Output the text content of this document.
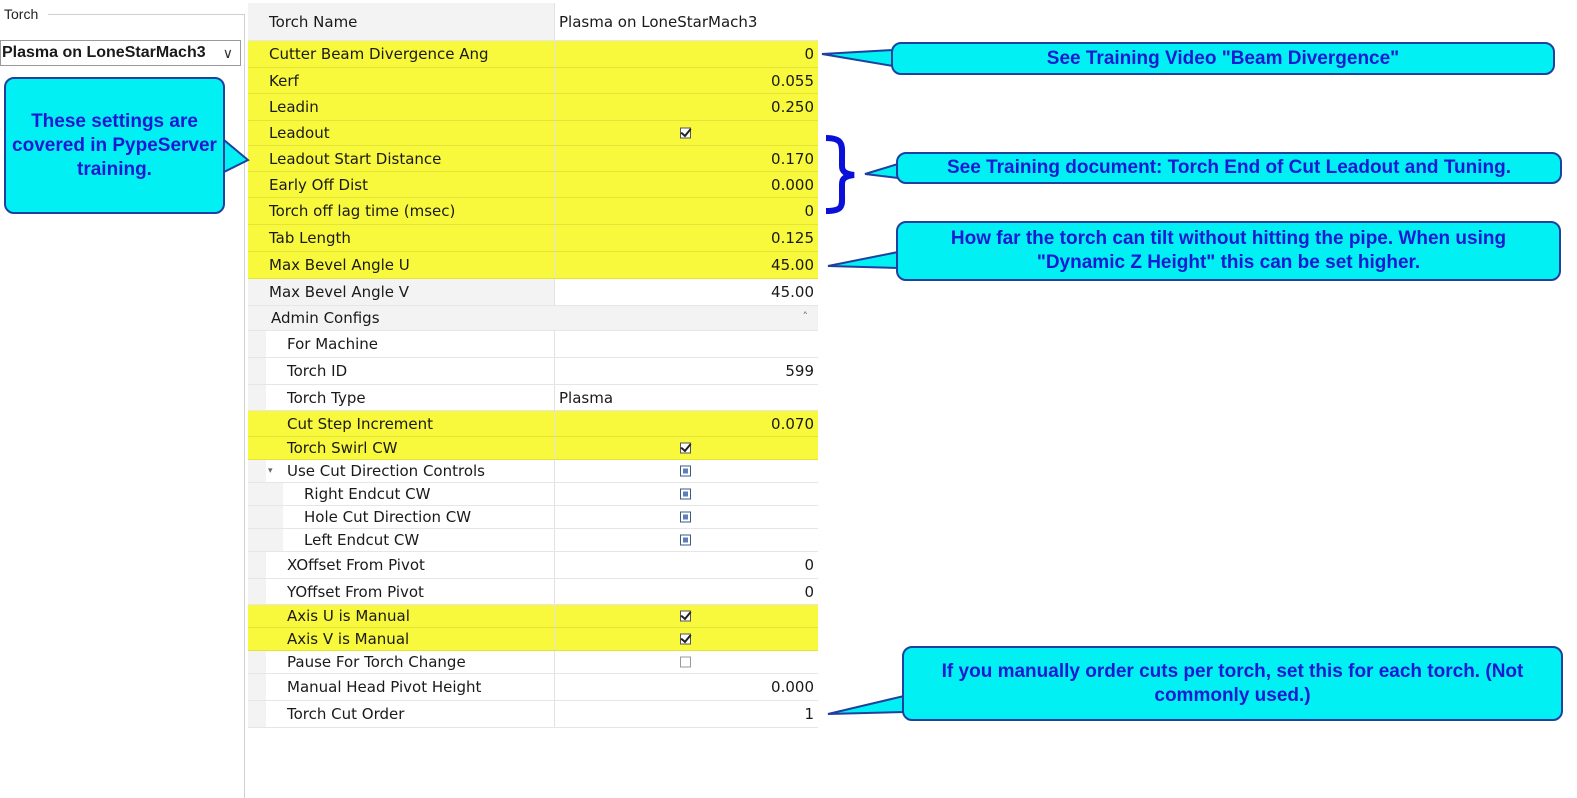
Torch
Plasma on LoneStarMach3 ∨
Torch Name	Plasma on LoneStarMach3
Cutter Beam Divergence Ang	0
Kerf	0.055
Leadin	0.250
Leadout
Leadout Start Distance	0.170
Early Off Dist	0.000
Torch off lag time (msec)	0
Tab Length	0.125
Max Bevel Angle U	45.00
Max Bevel Angle V	45.00
Admin Configs	˄
For Machine
Torch ID	599
Torch Type	Plasma
Cut Step Increment	0.070
Torch Swirl CW
▾ Use Cut Direction Controls
Right Endcut CW
Hole Cut Direction CW
Left Endcut CW
XOffset From Pivot	0
YOffset From Pivot	0
Axis U is Manual
Axis V is Manual
Pause For Torch Change
Manual Head Pivot Height	0.000
Torch Cut Order	1
See Training Video "Beam Divergence"
These settings are covered in PypeServer training.	See Training document: Torch End of Cut Leadout and Tuning.
How far the torch can tilt without hitting the pipe. When using "Dynamic Z Height" this can be set higher.
If you manually order cuts per torch, set this for each torch. (Not commonly used.)
